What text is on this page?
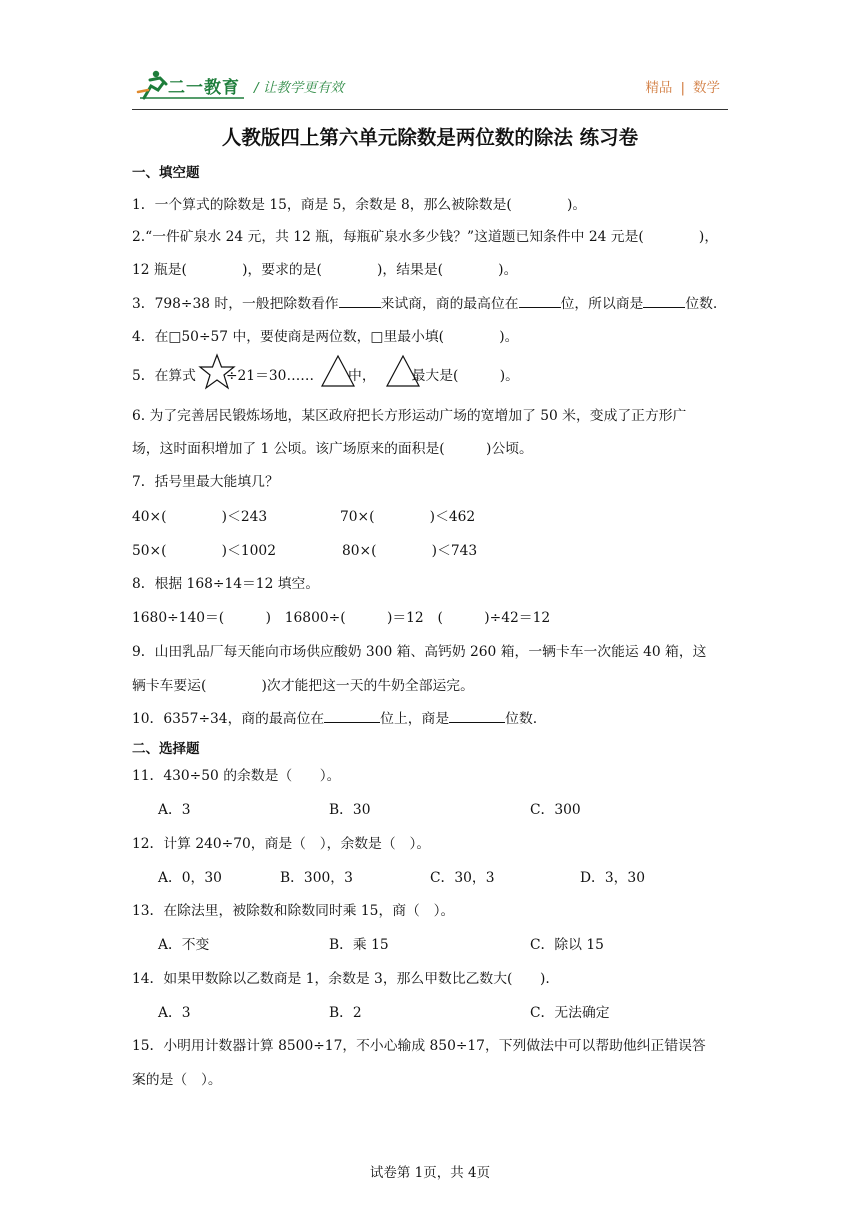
二一教育 / 让教学更有效	精品 | 数学
人教版四上第六单元除数是两位数的除法 练习卷
一、填空题
1．一个算式的除数是 15，商是 5，余数是 8，那么被除数是(　　　　)。
2.“一件矿泉水 24 元，共 12 瓶，每瓶矿泉水多少钱？”这道题已知条件中 24 元是(　　　　)，
12 瓶是(　　　　)，要求的是(　　　　)，结果是(　　　　)。
3．798÷38 时，一般把除数看作	来试商，商的最高位在	位，所以商是	位数.
4．在□50÷57 中，要使商是两位数，□里最小填(　　　　)。
5．在算式 ÷21＝30…… 中，	最大是(　　　)。
6. 为了完善居民锻炼场地，某区政府把长方形运动广场的宽增加了 50 米，变成了正方形广
场，这时面积增加了 1 公顷。该广场原来的面积是(　　　)公顷。
7．括号里最大能填几？
40×(　　　　)＜243	70×(　　　　)＜462
50×(　　　　)＜1002	80×(　　　　)＜743
8．根据 168÷14＝12 填空。
1680÷140＝(　　　)　16800÷(　　　)＝12　(　　　)÷42＝12
9．山田乳品厂每天能向市场供应酸奶 300 箱、高钙奶 260 箱，一辆卡车一次能运 40 箱，这
辆卡车要运(　　　　)次才能把这一天的牛奶全部运完。
10．6357÷34，商的最高位在	位上，商是	位数.
二、选择题
11．430÷50 的余数是（　　）。
A．3	B．30	C．300
12．计算 240÷70，商是（　），余数是（　）。
A．0，30	B．300，3	C．30，3	D．3，30
13．在除法里，被除数和除数同时乘 15，商（　）。
A．不变	B．乘 15	C．除以 15
14．如果甲数除以乙数商是 1，余数是 3，那么甲数比乙数大(　　).
A．3	B．2	C．无法确定
15．小明用计数器计算 8500÷17，不小心输成 850÷17，下列做法中可以帮助他纠正错误答
案的是（　）。
试卷第 1页，共 4页
